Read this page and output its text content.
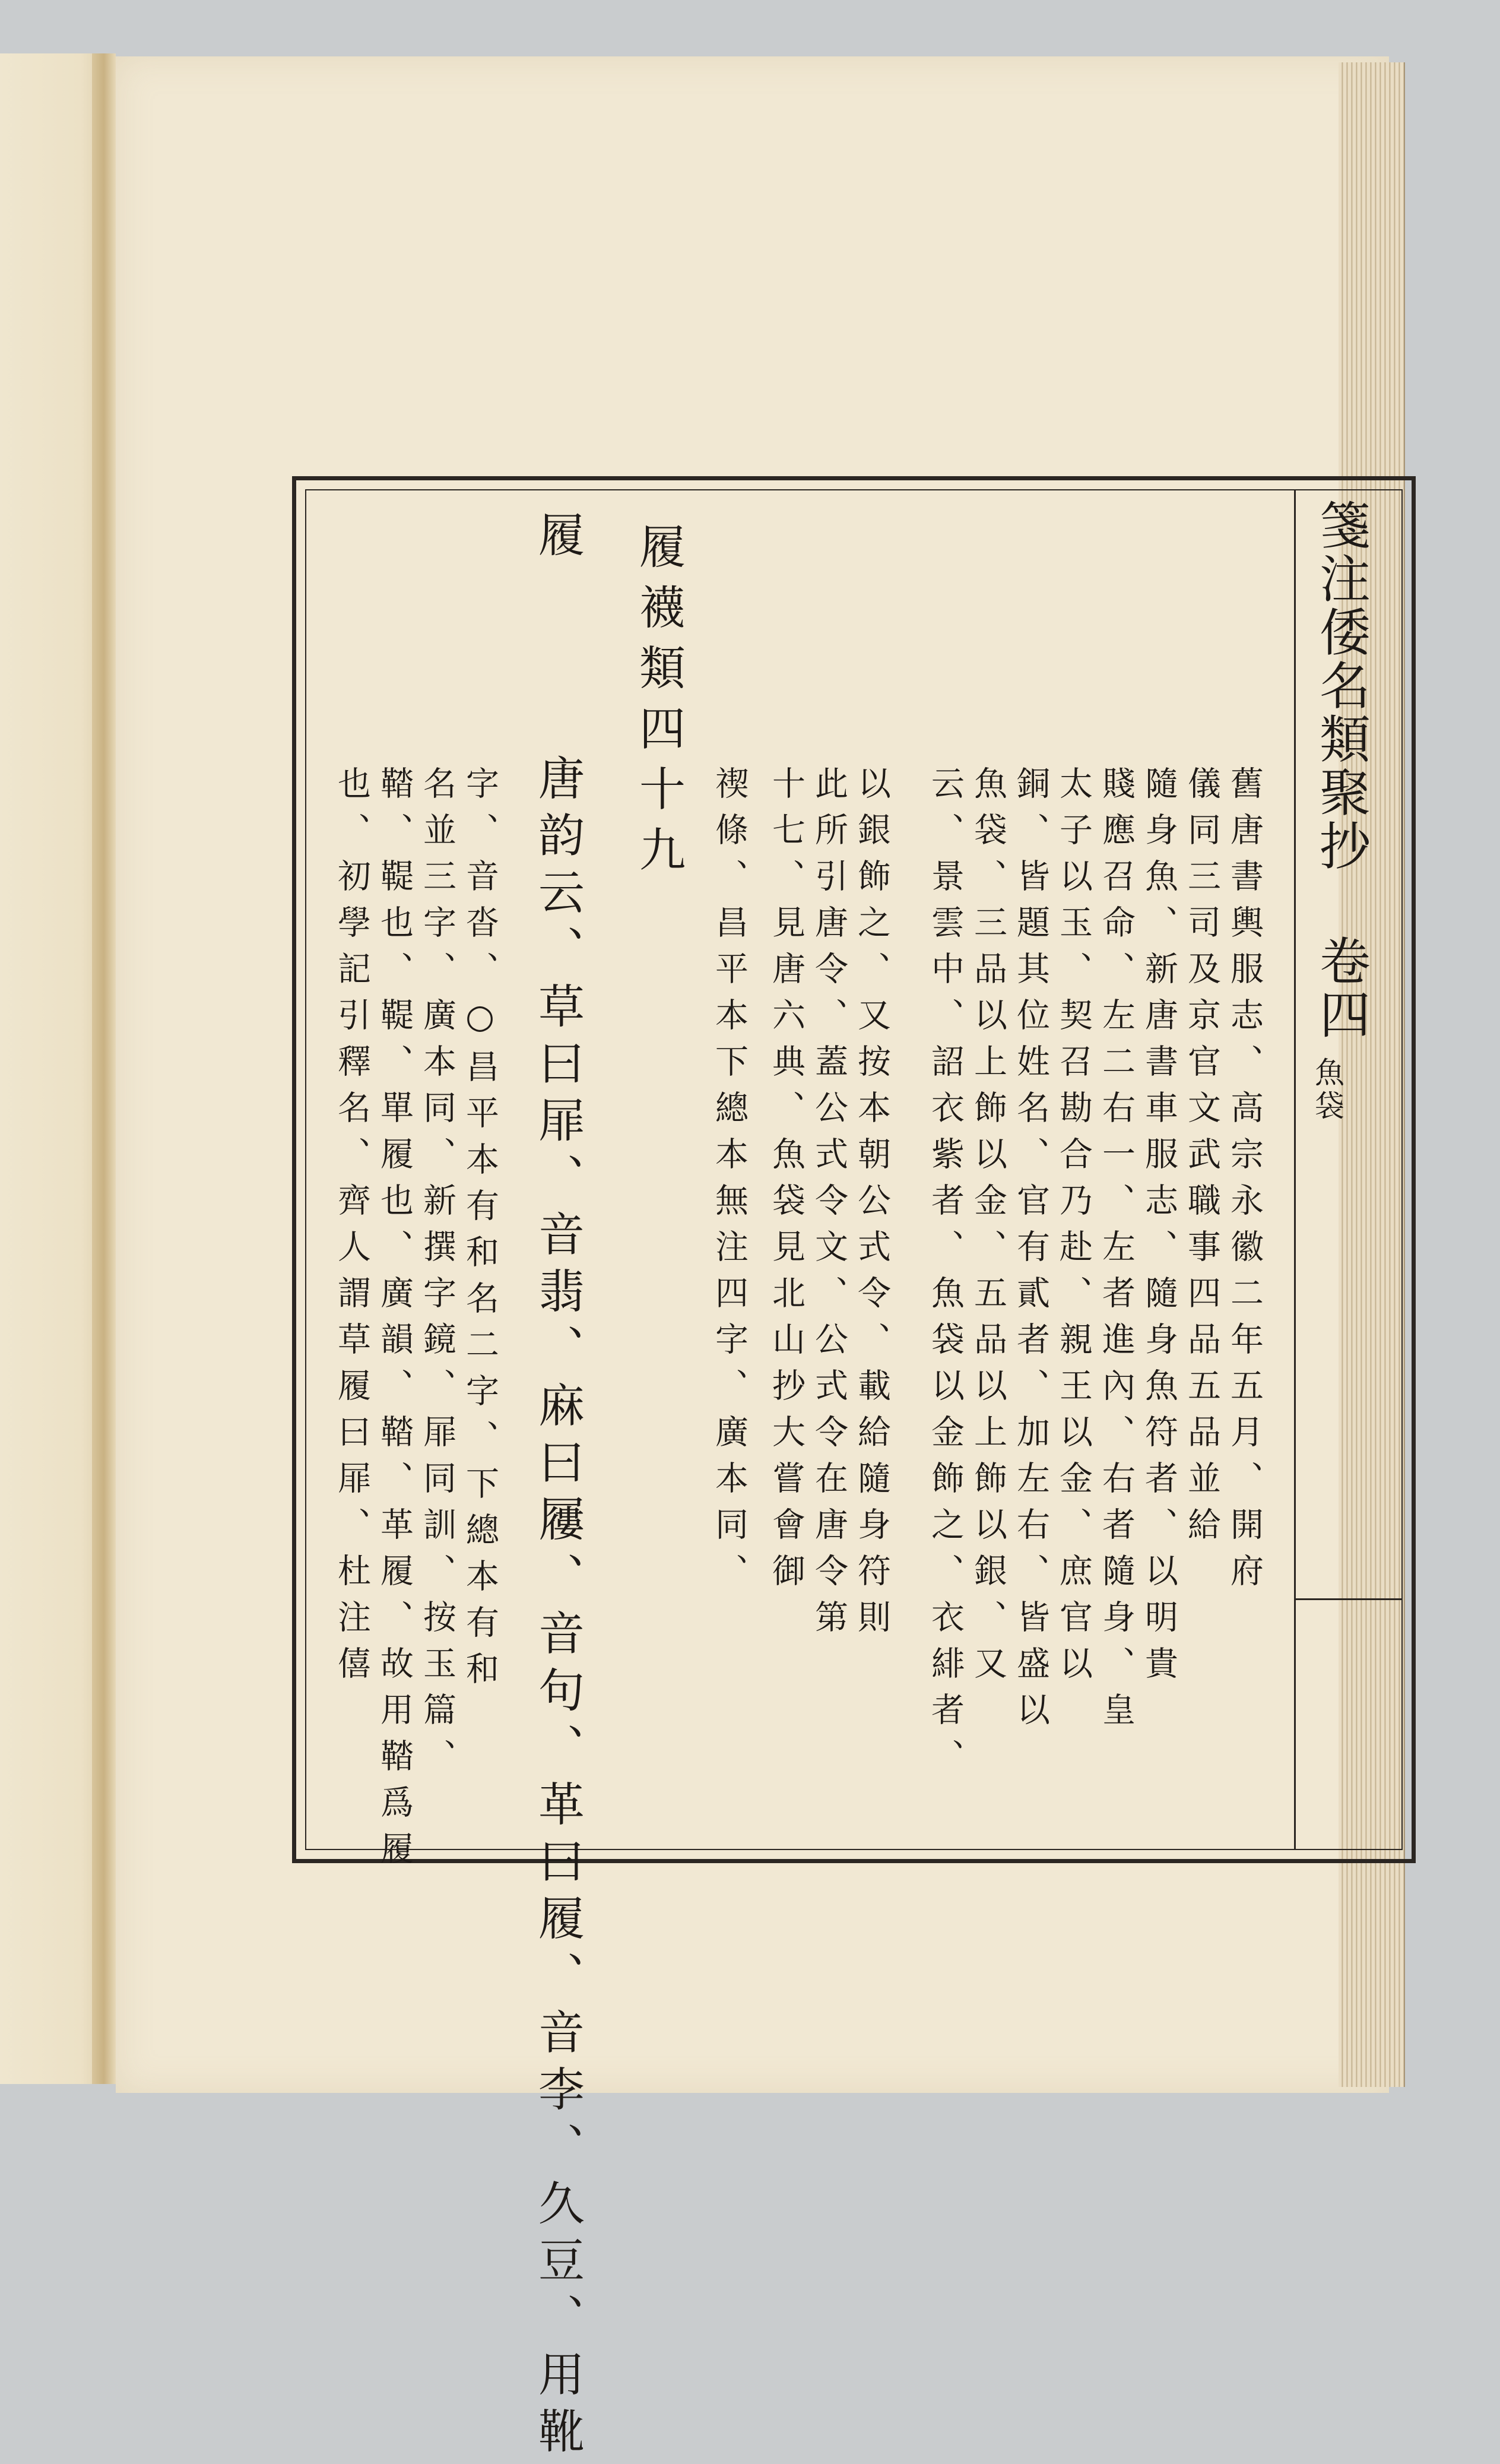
箋注倭名類聚抄 卷四
魚袋
舊唐書輿服志、高宗永徽二年五月、開府
儀同三司及京官文武職事四品五品並給
隨身魚、新唐書車服志、隨身魚符者、以明貴
賤應召命、左二右一、左者進內、右者隨身、皇
太子以玉、契召勘合乃赴、親王以金、庶官以
銅、皆題其位姓名、官有貳者、加左右、皆盛以
魚袋、三品以上飾以金、五品以上飾以銀、又
云、景雲中、詔衣紫者、魚袋以金飾之、衣緋者、
以銀飾之、又按本朝公式令、載給隨身符則
此所引唐令、蓋公式令文、公式令在唐令第
十七、見唐六典、魚袋見北山抄大嘗會御
禊條、昌平本下總本無注四字、廣本同、
履襪類四十九
履
唐韵云、草曰屝、音翡、麻曰屨、音句、革曰履、音李、久豆、用靴
字、音沓、○昌平本有和名二字、下總本有和
名並三字、廣本同、新撰字鏡、屝同訓、按玉篇、
鞜、鞮也、鞮、單履也、廣韻、鞜、革履、故用鞜爲履
也、初學記引釋名、齊人謂草履曰屝、杜注僖
